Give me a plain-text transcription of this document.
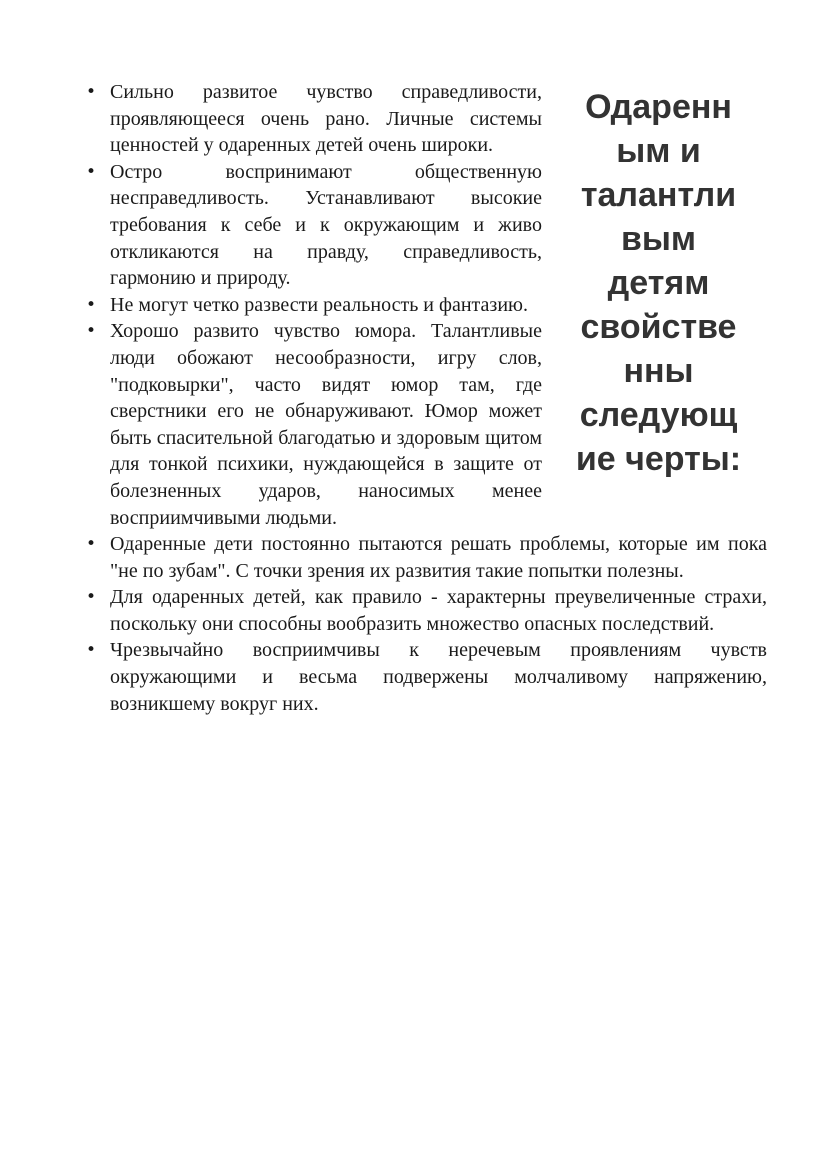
Одаренн
ым и
талантли
вым
детям
свойстве
нны
следующ
ие черты:
• Сильно развитое чувство справедливости, проявляющееся очень рано. Личные системы ценностей у одаренных детей очень широки.
• Остро воспринимают общественную несправедливость. Устанавливают высокие требования к себе и к окружающим и живо откликаются на правду, справедливость, гармонию и природу.
• Не могут четко развести реальность и фантазию.
• Хорошо развито чувство юмора. Талантливые люди обожают несообразности, игру слов, "подковырки", часто видят юмор там, где сверстники его не обнаруживают. Юмор может быть спасительной благодатью и здоровым щитом для тонкой психики, нуждающейся в защите от болезненных ударов, наносимых менее восприимчивыми людьми.
• Одаренные дети постоянно пытаются решать проблемы, которые им пока "не по зубам". С точки зрения их развития такие попытки полезны.
• Для одаренных детей, как правило - характерны преувеличенные страхи, поскольку они способны вообразить множество опасных последствий.
• Чрезвычайно восприимчивы к неречевым проявлениям чувств окружающими и весьма подвержены молчаливому напряжению, возникшему вокруг них.
